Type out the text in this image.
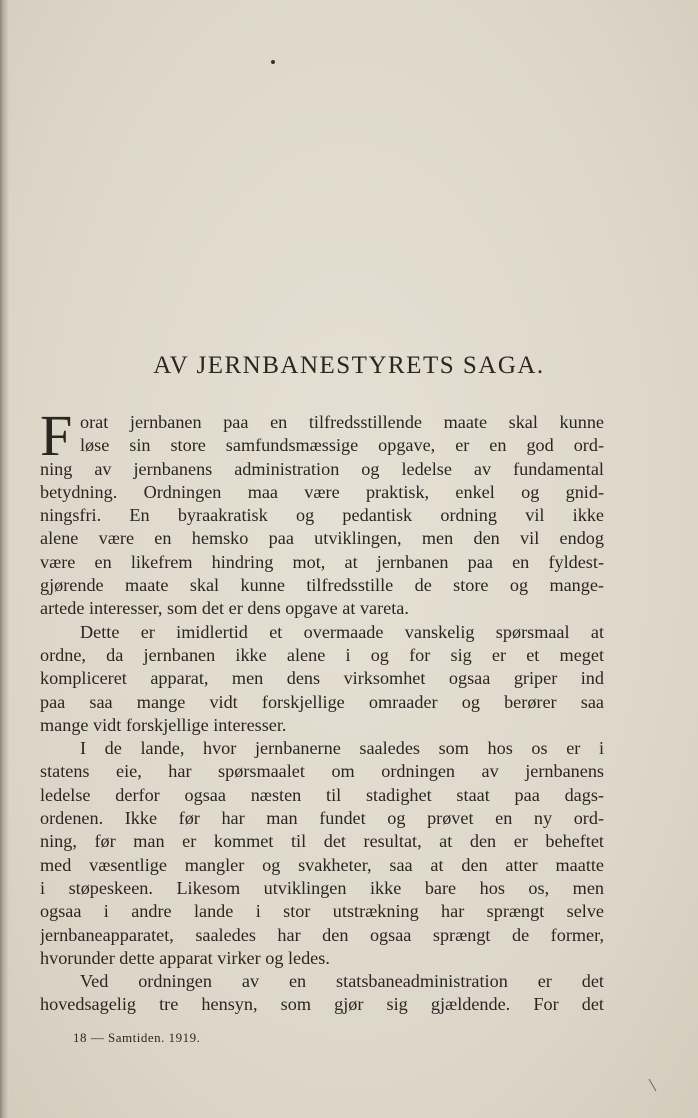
AV JERNBANESTYRETS SAGA.
F orat jernbanen paa en tilfredsstillende maate skal kunne
løse sin store samfundsmæssige opgave, er en god ord-
ning av jernbanens administration og ledelse av fundamental
betydning. Ordningen maa være praktisk, enkel og gnid-
ningsfri. En byraakratisk og pedantisk ordning vil ikke
alene være en hemsko paa utviklingen, men den vil endog
være en likefrem hindring mot, at jernbanen paa en fyldest-
gjørende maate skal kunne tilfredsstille de store og mange-
artede interesser, som det er dens opgave at vareta.
Dette er imidlertid et overmaade vanskelig spørsmaal at
ordne, da jernbanen ikke alene i og for sig er et meget
kompliceret apparat, men dens virksomhet ogsaa griper ind
paa saa mange vidt forskjellige omraader og berører saa
mange vidt forskjellige interesser.
I de lande, hvor jernbanerne saaledes som hos os er i
statens eie, har spørsmaalet om ordningen av jernbanens
ledelse derfor ogsaa næsten til stadighet staat paa dags-
ordenen. Ikke før har man fundet og prøvet en ny ord-
ning, før man er kommet til det resultat, at den er beheftet
med væsentlige mangler og svakheter, saa at den atter maatte
i støpeskeen. Likesom utviklingen ikke bare hos os, men
ogsaa i andre lande i stor utstrækning har sprængt selve
jernbaneapparatet, saaledes har den ogsaa sprængt de former,
hvorunder dette apparat virker og ledes.
Ved ordningen av en statsbaneadministration er det
hovedsagelig tre hensyn, som gjør sig gjældende. For det
18 — Samtiden. 1919.
